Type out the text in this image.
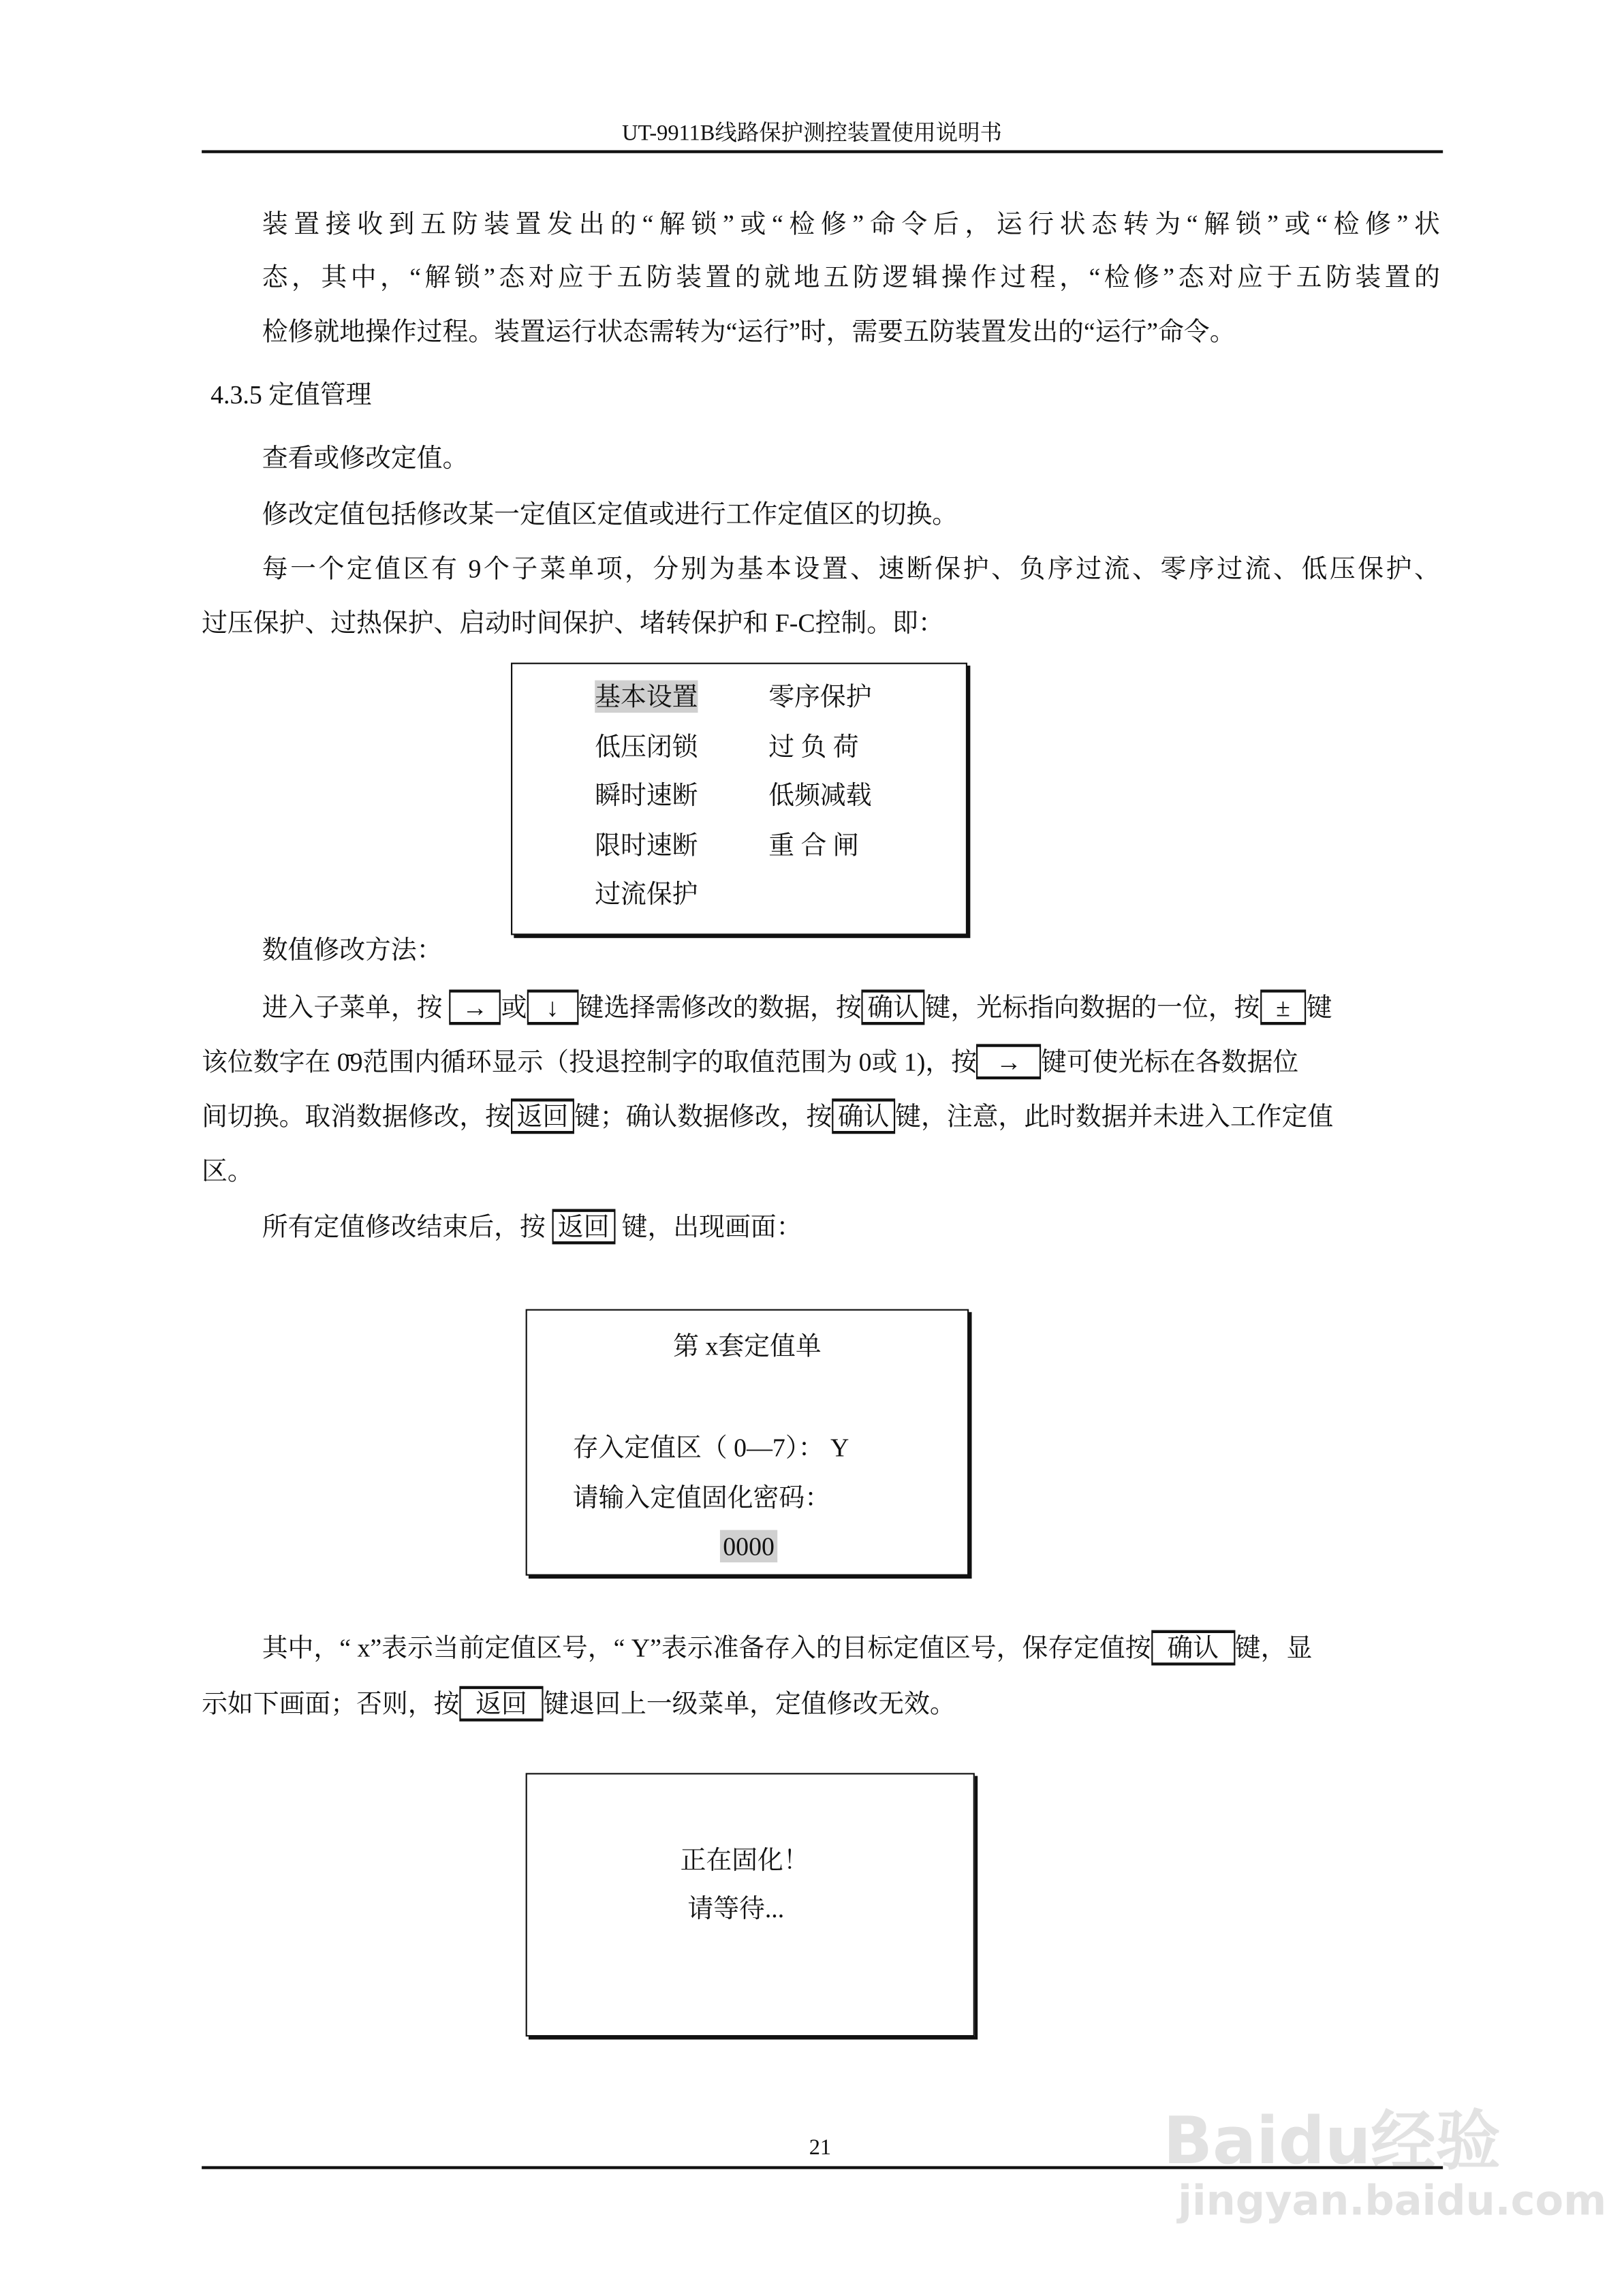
UT-9911B线路保护测控装置使用说明书
装置接收到五防装置发出的“解锁”或“检修”命令后，运行状态转为“解锁”或“检修”状
态，其中，“解锁”态对应于五防装置的就地五防逻辑操作过程，“检修”态对应于五防装置的
检修就地操作过程。装置运行状态需转为“运行”时，需要五防装置发出的“运行”命令。
4.3.5 定值管理
查看或修改定值。
修改定值包括修改某一定值区定值或进行工作定值区的切换。
每一个定值区有 9个子菜单项，分别为基本设置、速断保护、负序过流、零序过流、低压保护、
过压保护、过热保护、启动时间保护、堵转保护和 F-C控制。即：
基本设置
低压闭锁
瞬时速断
限时速断
过流保护
零序保护
过 负 荷
低频减载
重 合 闸
数值修改方法：
进入子菜单，按 → 或 ↓ 键选择需修改的数据，按 确认 键，光标指向数据的一位，按 ± 键
该位数字在 0̄9范围内循环显示（投退控制字的取值范围为 0或 1)，按 → 键可使光标在各数据位
间切换。取消数据修改，按 返回 键；确认数据修改，按 确认 键，注意，此时数据并未进入工作定值
区。
所有定值修改结束后，按 返回 键，出现画面：
第 x套定值单
存入定值区（ 0—7）： Y
请输入定值固化密码：
0000
其中，“ x”表示当前定值区号，“ Y”表示准备存入的目标定值区号，保存定值按 确认 键，显
示如下画面；否则，按 返回 键退回上一级菜单，定值修改无效。
正在固化！
请等待...
21	Baidu经验
jingyan.baidu.com
